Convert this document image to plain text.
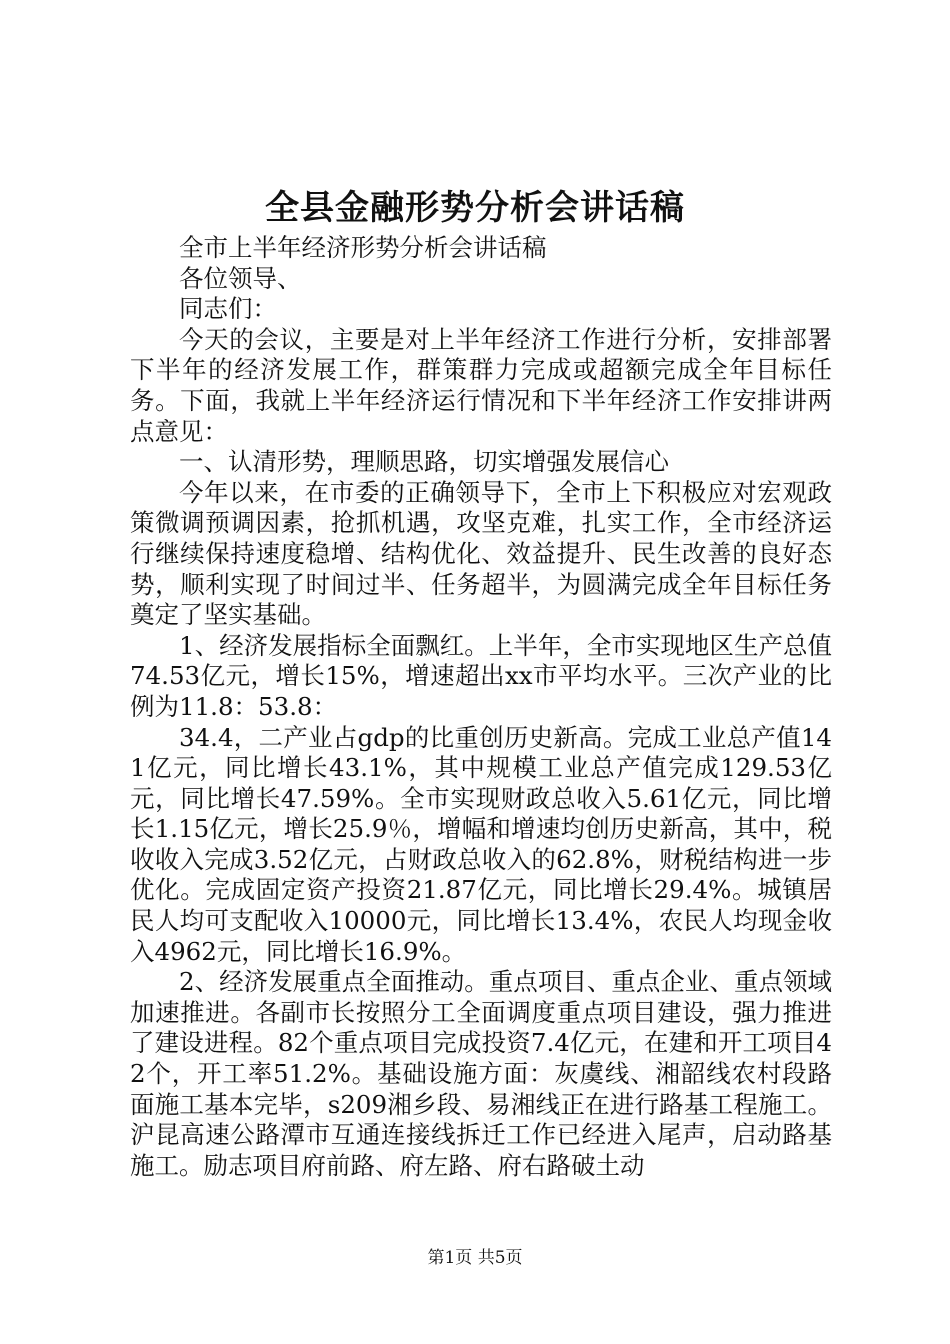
全县金融形势分析会讲话稿

全市上半年经济形势分析会讲话稿

各位领导、

同志们：

今天的会议，主要是对上半年经济工作进行分析，安排部署下半年的经济发展工作，群策群力完成或超额完成全年目标任务。下面，我就上半年经济运行情况和下半年经济工作安排讲两点意见：

一、认清形势，理顺思路，切实增强发展信心

今年以来，在市委的正确领导下，全市上下积极应对宏观政策微调预调因素，抢抓机遇，攻坚克难，扎实工作，全市经济运行继续保持速度稳增、结构优化、效益提升、民生改善的良好态势，顺利实现了时间过半、任务超半，为圆满完成全年目标任务奠定了坚实基础。

1、经济发展指标全面飘红。上半年，全市实现地区生产总值74.53亿元，增长15%，增速超出xx市平均水平。三次产业的比例为11.8：53.8：

34.4，二产业占gdp的比重创历史新高。完成工业总产值141亿元，同比增长43.1%，其中规模工业总产值完成129.53亿元，同比增长47.59%。全市实现财政总收入5.61亿元，同比增长1.15亿元，增长25.9％，增幅和增速均创历史新高，其中，税收收入完成3.52亿元，占财政总收入的62.8%，财税结构进一步优化。完成固定资产投资21.87亿元，同比增长29.4%。城镇居民人均可支配收入10000元，同比增长13.4%，农民人均现金收入4962元，同比增长16.9%。

2、经济发展重点全面推动。重点项目、重点企业、重点领域加速推进。各副市长按照分工全面调度重点项目建设，强力推进了建设进程。82个重点项目完成投资7.4亿元，在建和开工项目42个，开工率51.2%。基础设施方面：灰虞线、湘韶线农村段路面施工基本完毕，s209湘乡段、易湘线正在进行路基工程施工。沪昆高速公路潭市互通连接线拆迁工作已经进入尾声，启动路基施工。励志项目府前路、府左路、府右路破土动

第1页 共5页
